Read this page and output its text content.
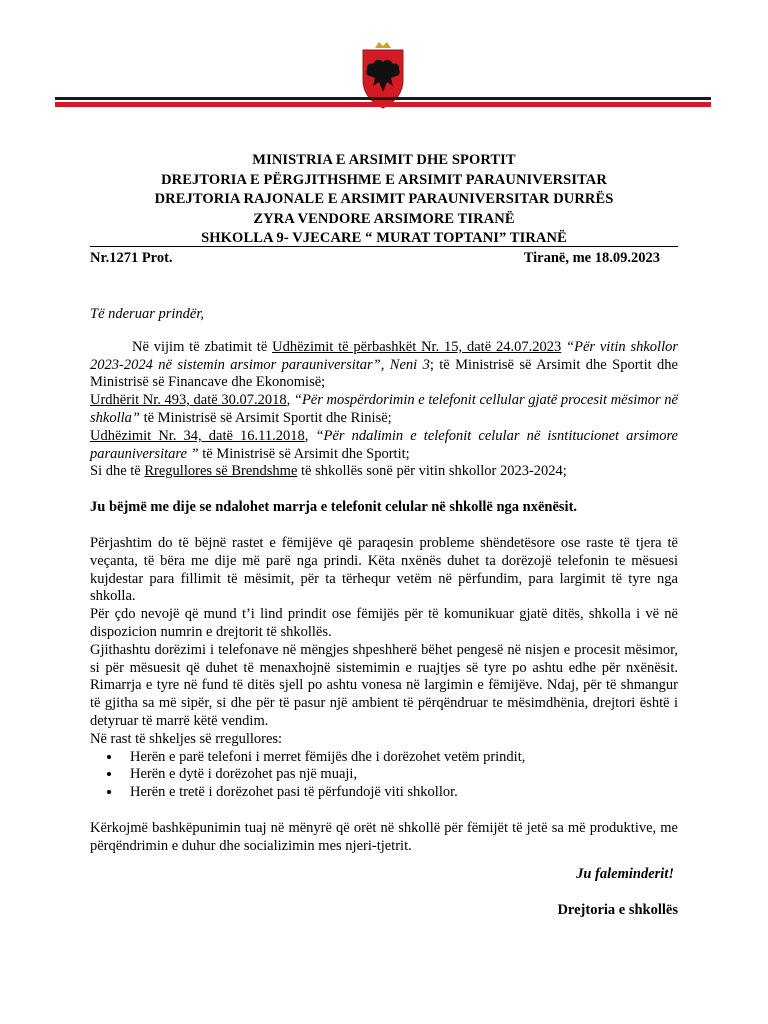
MINISTRIA E ARSIMIT DHE SPORTIT
DREJTORIA E PËRGJITHSHME E ARSIMIT PARAUNIVERSITAR
DREJTORIA RAJONALE E ARSIMIT PARAUNIVERSITAR DURRËS
ZYRA VENDORE ARSIMORE TIRANË
SHKOLLA 9- VJECARE “ MURAT TOPTANI” TIRANË
Nr.1271 Prot.	Tiranë, me 18.09.2023

Të nderuar prindër,

Në vijim të zbatimit të Udhëzimit të përbashkët Nr. 15, datë 24.07.2023 “Për vitin shkollor 2023-2024 në sistemin arsimor parauniversitar”, Neni 3; të Ministrisë së Arsimit dhe Sportit dhe Ministrisë së Financave dhe Ekonomisë;

Urdhërit Nr. 493, datë 30.07.2018, “Për mospërdorimin e telefonit cellular gjatë procesit mësimor në shkolla” të Ministrisë së Arsimit Sportit dhe Rinisë;

Udhëzimit Nr. 34, datë 16.11.2018, “Për ndalimin e telefonit celular në isntitucionet arsimore parauniversitare ” të Ministrisë së Arsimit dhe Sportit;

Si dhe të Rregullores së Brendshme të shkollës sonë për vitin shkollor 2023-2024;

Ju bëjmë me dije se ndalohet marrja e telefonit celular në shkollë nga nxënësit.

Përjashtim do të bëjnë rastet e fëmijëve që paraqesin probleme shëndetësore ose raste të tjera të veçanta, të bëra me dije më parë nga prindi. Këta nxënës duhet ta dorëzojë telefonin te mësuesi kujdestar para fillimit të mësimit, për ta tërhequr vetëm në përfundim, para largimit të tyre nga shkolla.

Për çdo nevojë që mund t’i lind prindit ose fëmijës për të komunikuar gjatë ditës, shkolla i vë në dispozicion numrin e drejtorit të shkollës.

Gjithashtu dorëzimi i telefonave në mëngjes shpeshherë bëhet pengesë në nisjen e procesit mësimor, si për mësuesit që duhet të menaxhojnë sistemimin e ruajtjes së tyre po ashtu edhe për nxënësit. Rimarrja e tyre në fund të ditës sjell po ashtu vonesa në largimin e fëmijëve. Ndaj, për të shmangur të gjitha sa më sipër, si dhe për të pasur një ambient të përqëndruar te mësimdhënia, drejtori është i detyruar të marrë këtë vendim.

Në rast të shkeljes së rregullores:

• Herën e parë telefoni i merret fëmijës dhe i dorëzohet vetëm prindit,
• Herën e dytë i dorëzohet pas një muaji,
• Herën e tretë i dorëzohet pasi të përfundojë viti shkollor.

Kërkojmë bashkëpunimin tuaj në mënyrë që orët në shkollë për fëmijët të jetë sa më produktive, me përqëndrimin e duhur dhe socializimin mes njeri-tjetrit.

Ju faleminderit!
Drejtoria e shkollës
